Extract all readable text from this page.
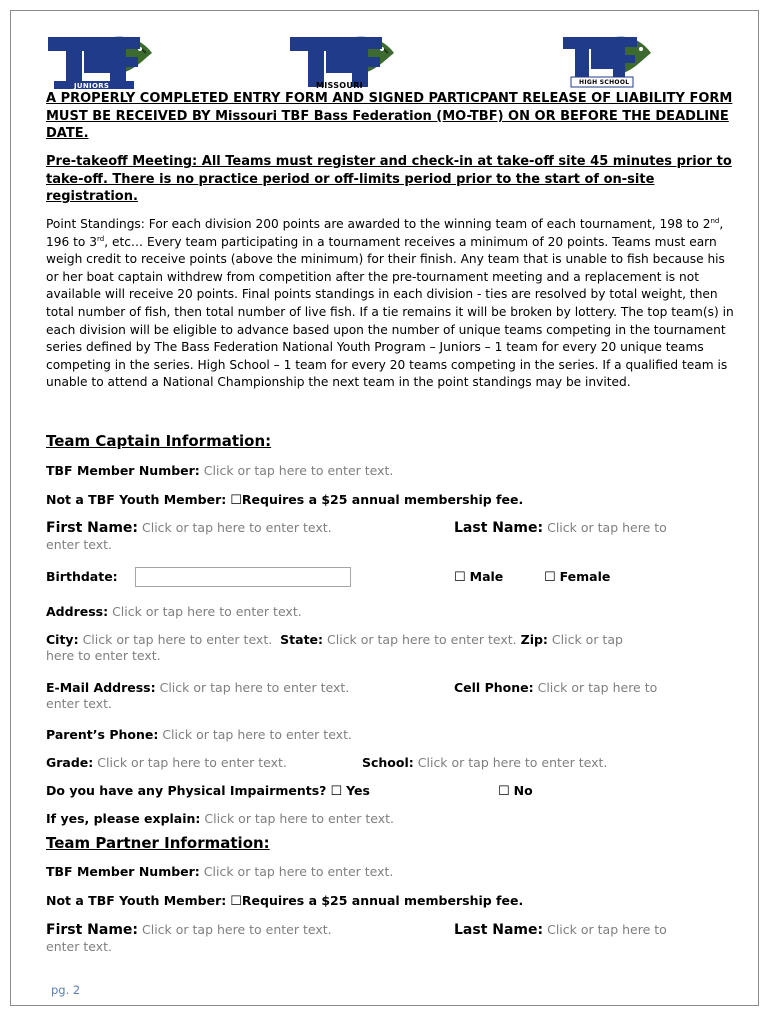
JUNIORS	MISSOURI	HIGH SCHOOL
A PROPERLY COMPLETED ENTRY FORM AND SIGNED PARTICPANT RELEASE OF LIABILITY FORM MUST BE RECEIVED BY Missouri TBF Bass Federation (MO-TBF) ON OR BEFORE THE DEADLINE DATE.
Pre-takeoff Meeting: All Teams must register and check-in at take-off site 45 minutes prior to take-off. There is no practice period or off-limits period prior to the start of on-site registration.
Point Standings: For each division 200 points are awarded to the winning team of each tournament, 198 to 2nd, 196 to 3rd, etc… Every team participating in a tournament receives a minimum of 20 points. Teams must earn weigh credit to receive points (above the minimum) for their finish. Any team that is unable to fish because his or her boat captain withdrew from competition after the pre-tournament meeting and a replacement is not available will receive 20 points. Final points standings in each division - ties are resolved by total weight, then total number of fish, then total number of live fish. If a tie remains it will be broken by lottery. The top team(s) in each division will be eligible to advance based upon the number of unique teams competing in the tournament series defined by The Bass Federation National Youth Program – Juniors – 1 team for every 20 unique teams competing in the series. High School – 1 team for every 20 teams competing in the series. If a qualified team is unable to attend a National Championship the next team in the point standings may be invited.
Team Captain Information:
TBF Member Number: Click or tap here to enter text.
Not a TBF Youth Member: ☐Requires a $25 annual membership fee.
First Name: Click or tap here to enter text.	Last Name: Click or tap here to

enter text.
Birthdate:	☐ Male	☐ Female
Address: Click or tap here to enter text.
City: Click or tap here to enter text. State: Click or tap here to enter text. Zip: Click or tap
here to enter text.
E-Mail Address: Click or tap here to enter text.	Cell Phone: Click or tap here to

enter text.
Parent’s Phone: Click or tap here to enter text.
Grade: Click or tap here to enter text.	School: Click or tap here to enter text.
Do you have any Physical Impairments? ☐ Yes	☐ No
If yes, please explain: Click or tap here to enter text.
Team Partner Information:
TBF Member Number: Click or tap here to enter text.
Not a TBF Youth Member: ☐Requires a $25 annual membership fee.
First Name: Click or tap here to enter text.	Last Name: Click or tap here to

enter text.
pg. 2
